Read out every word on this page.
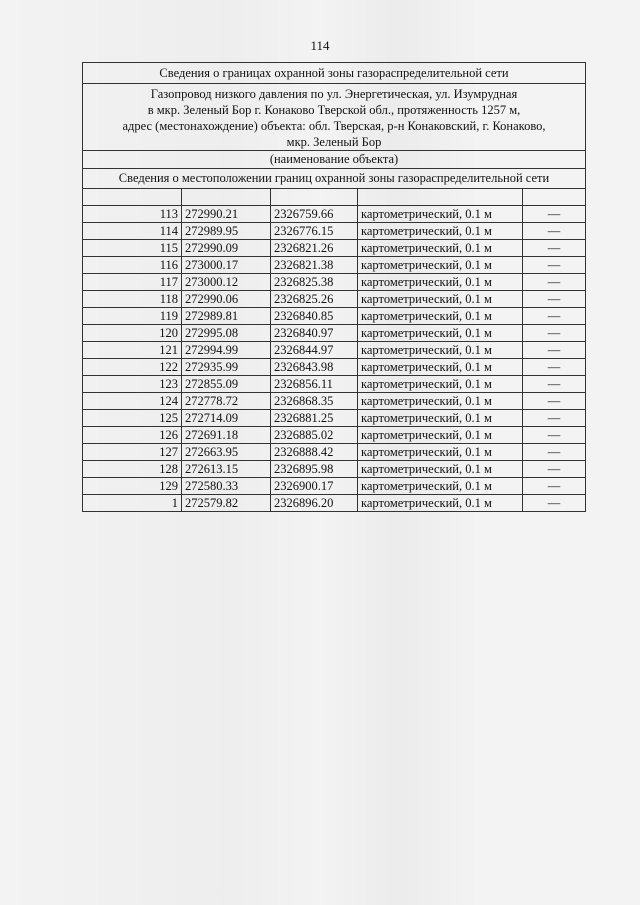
114
Сведения о границах охранной зоны газораспределительной сети
Газопровод низкого давления по ул. Энергетическая, ул. Изумрудная
в мкр. Зеленый Бор г. Конаково Тверской обл., протяженность 1257 м,
адрес (местонахождение) объекта: обл. Тверская, р-н Конаковский, г. Конаково,
мкр. Зеленый Бор
(наименование объекта)
Сведения о местоположении границ охранной зоны газораспределительной сети

113	272990.21	2326759.66	картометрический, 0.1 м	—
114	272989.95	2326776.15	картометрический, 0.1 м	—
115	272990.09	2326821.26	картометрический, 0.1 м	—
116	273000.17	2326821.38	картометрический, 0.1 м	—
117	273000.12	2326825.38	картометрический, 0.1 м	—
118	272990.06	2326825.26	картометрический, 0.1 м	—
119	272989.81	2326840.85	картометрический, 0.1 м	—
120	272995.08	2326840.97	картометрический, 0.1 м	—
121	272994.99	2326844.97	картометрический, 0.1 м	—
122	272935.99	2326843.98	картометрический, 0.1 м	—
123	272855.09	2326856.11	картометрический, 0.1 м	—
124	272778.72	2326868.35	картометрический, 0.1 м	—
125	272714.09	2326881.25	картометрический, 0.1 м	—
126	272691.18	2326885.02	картометрический, 0.1 м	—
127	272663.95	2326888.42	картометрический, 0.1 м	—
128	272613.15	2326895.98	картометрический, 0.1 м	—
129	272580.33	2326900.17	картометрический, 0.1 м	—
1	272579.82	2326896.20	картометрический, 0.1 м	—
